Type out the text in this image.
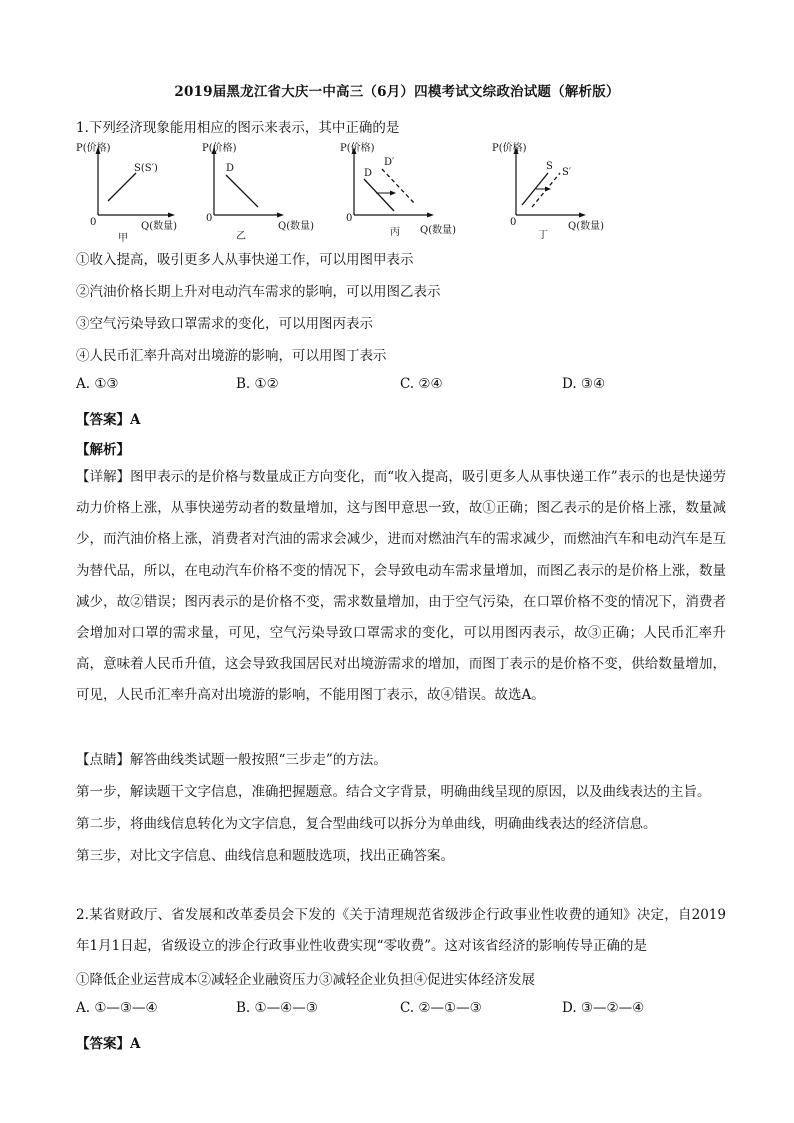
2019届黑龙江省大庆一中高三（6月）四模考试文综政治试题（解析版）
1.下列经济现象能用相应的图示来表示，其中正确的是
P(价格)
Q(数量)
0
S(S′)
甲
P(价格)
Q(数量)
0
D
乙
P(价格)
Q(数量)
0
D
D′
丙
P(价格)
Q(数量)
0
S
S′
丁
①收入提高，吸引更多人从事快递工作，可以用图甲表示
②汽油价格长期上升对电动汽车需求的影响，可以用图乙表示
③空气污染导致口罩需求的变化，可以用图丙表示
④人民币汇率升高对出境游的影响，可以用图丁表示
A. ①③	B. ①②	C. ②④	D. ③④
【答案】A
【解析】
【详解】图甲表示的是价格与数量成正方向变化，而“收入提高，吸引更多人从事快递工作”表示的也是快递劳动力价格上涨，从事快递劳动者的数量增加，这与图甲意思一致，故①正确；图乙表示的是价格上涨，数量减少，而汽油价格上涨，消费者对汽油的需求会减少，进而对燃油汽车的需求减少，而燃油汽车和电动汽车是互为替代品，所以，在电动汽车价格不变的情况下，会导致电动车需求量增加，而图乙表示的是价格上涨，数量减少，故②错误；图丙表示的是价格不变，需求数量增加，由于空气污染，在口罩价格不变的情况下，消费者会增加对口罩的需求量，可见，空气污染导致口罩需求的变化，可以用图丙表示，故③正确；人民币汇率升高，意味着人民币升值，这会导致我国居民对出境游需求的增加，而图丁表示的是价格不变，供给数量增加，可见，人民币汇率升高对出境游的影响，不能用图丁表示，故④错误。故选A。
【点睛】解答曲线类试题一般按照“三步走”的方法。
第一步，解读题干文字信息，准确把握题意。结合文字背景，明确曲线呈现的原因，以及曲线表达的主旨。
第二步，将曲线信息转化为文字信息，复合型曲线可以拆分为单曲线，明确曲线表达的经济信息。
第三步，对比文字信息、曲线信息和题肢选项，找出正确答案。
2.某省财政厅、省发展和改革委员会下发的《关于清理规范省级涉企行政事业性收费的通知》决定，自2019年1月1日起，省级设立的涉企行政事业性收费实现“零收费”。这对该省经济的影响传导正确的是
①降低企业运营成本②减轻企业融资压力③减轻企业负担④促进实体经济发展
A. ①—③—④	B. ①—④—③	C. ②—①—③	D. ③—②—④
【答案】A
